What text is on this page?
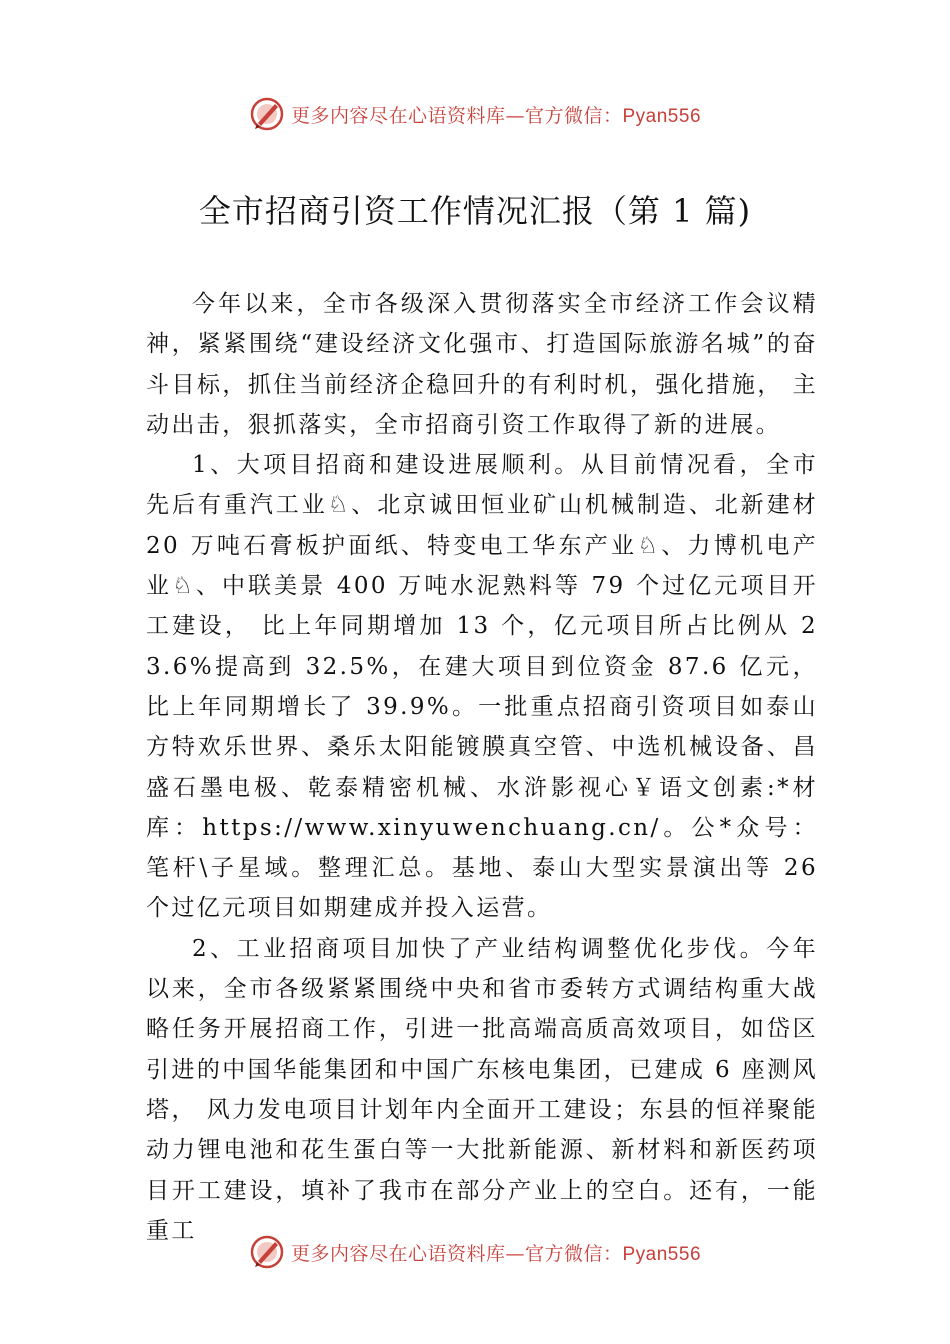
更多内容尽在心语资料库—官方微信：Pyan556
全市招商引资工作情况汇报（第 1 篇)

今年以来，全市各级深入贯彻落实全市经济工作会议精神，紧紧围绕“建设经济文化强市、打造国际旅游名城”的奋斗目标，抓住当前经济企稳回升的有利时机，强化措施， 主动出击，狠抓落实，全市招商引资工作取得了新的进展。

1、大项目招商和建设进展顺利。从目前情况看，全市先后有重汽工业♘、北京诚田恒业矿山机械制造、北新建材 20 万吨石膏板护面纸、特变电工华东产业♘、力博机电产业♘、中联美景 400 万吨水泥熟料等 79 个过亿元项目开工建设， 比上年同期增加 13 个，亿元项目所占比例从 23.6%提高到 32.5%，在建大项目到位资金 87.6 亿元，比上年同期增长了 39.9%。一批重点招商引资项目如泰山方特欢乐世界、桑乐太阳能镀膜真空管、中选机械设备、昌盛石墨电极、乾泰精密机械、水浒影视心￥语文创素:*材库：https://www.xinyuwenchuang.cn/。公*众号：笔杆\子星域。整理汇总。基地、泰山大型实景演出等 26 个过亿元项目如期建成并投入运营。

2、工业招商项目加快了产业结构调整优化步伐。今年以来，全市各级紧紧围绕中央和省市委转方式调结构重大战略任务开展招商工作，引进一批高端高质高效项目，如岱区引进的中国华能集团和中国广东核电集团，已建成 6 座测风塔， 风力发电项目计划年内全面开工建设；东县的恒祥聚能动力锂电池和花生蛋白等一大批新能源、新材料和新医药项目开工建设，填补了我市在部分产业上的空白。还有，一能重工

更多内容尽在心语资料库—官方微信：Pyan556
